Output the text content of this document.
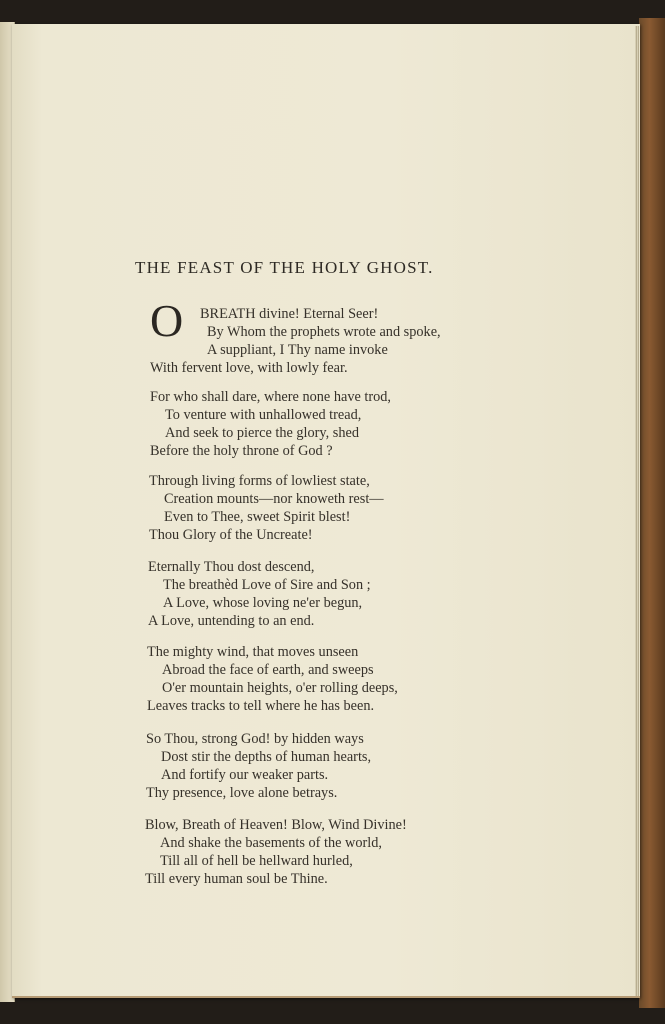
THE FEAST OF THE HOLY GHOST.
O BREATH divine! Eternal Seer!
By Whom the prophets wrote and spoke,
A suppliant, I Thy name invoke
With fervent love, with lowly fear.
For who shall dare, where none have trod,
To venture with unhallowed tread,
And seek to pierce the glory, shed
Before the holy throne of God ?
Through living forms of lowliest state,
Creation mounts—nor knoweth rest—
Even to Thee, sweet Spirit blest!
Thou Glory of the Uncreate!
Eternally Thou dost descend,
The breathèd Love of Sire and Son ;
A Love, whose loving ne'er begun,
A Love, untending to an end.
The mighty wind, that moves unseen
Abroad the face of earth, and sweeps
O'er mountain heights, o'er rolling deeps,
Leaves tracks to tell where he has been.
So Thou, strong God! by hidden ways
Dost stir the depths of human hearts,
And fortify our weaker parts.
Thy presence, love alone betrays.
Blow, Breath of Heaven! Blow, Wind Divine!
And shake the basements of the world,
Till all of hell be hellward hurled,
Till every human soul be Thine.
